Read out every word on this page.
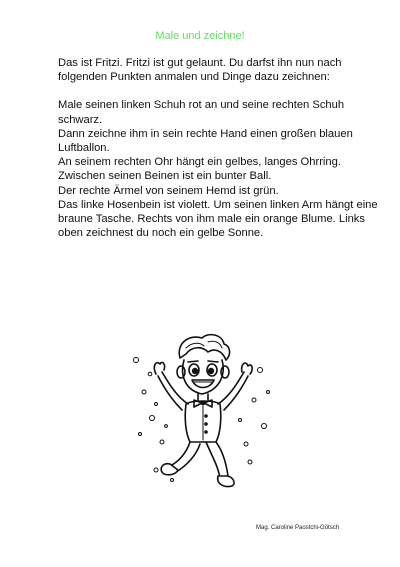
Male und zeichne!

Das ist Fritzi. Fritzi ist gut gelaunt. Du darfst ihn nun nach folgenden Punkten anmalen und Dinge dazu zeichnen:

Male seinen linken Schuh rot an und seine rechten Schuh schwarz.

Dann zeichne ihm in sein rechte Hand einen großen blauen Luftballon.

An seinem rechten Ohr hängt ein gelbes, langes Ohrring.

Zwischen seinen Beinen ist ein bunter Ball.

Der rechte Ärmel von seinem Hemd ist grün.

Das linke Hosenbein ist violett. Um seinen linken Arm hängt eine braune Tasche. Rechts von ihm male ein orange Blume. Links oben zeichnest du noch ein gelbe Sonne.

Mag. Caroline Paostchi-Götsch
